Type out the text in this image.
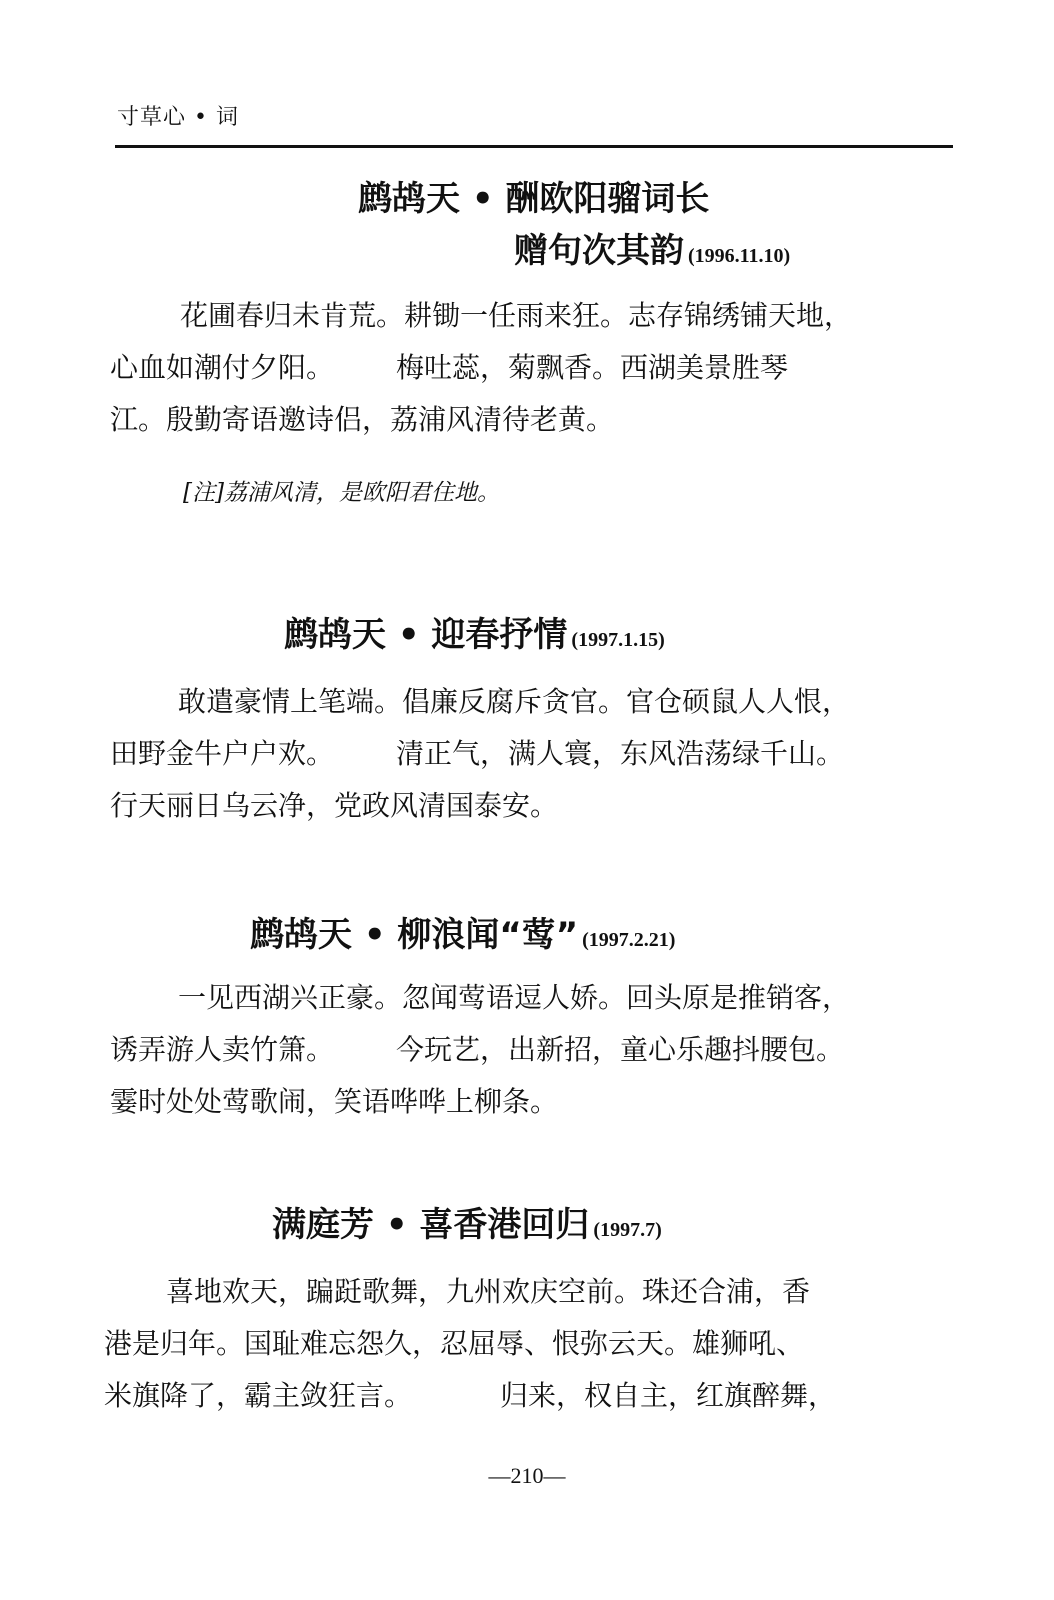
寸草心 • 词
鹧鸪天 • 酬欧阳骝词长
赠句次其韵 (1996.11.10)
花圃春归未肯荒。耕锄一任雨来狂。志存锦绣铺天地，
心血如潮付夕阳。 梅吐蕊，菊飘香。西湖美景胜琴
江。殷勤寄语邀诗侣，荔浦风清待老黄。
[注]荔浦风清，是欧阳君住地。
鹧鸪天 • 迎春抒情 (1997.1.15)
敢遣豪情上笔端。倡廉反腐斥贪官。官仓硕鼠人人恨，
田野金牛户户欢。 清正气，满人寰，东风浩荡绿千山。
行天丽日乌云净，党政风清国泰安。
鹧鸪天 • 柳浪闻“莺” (1997.2.21)
一见西湖兴正豪。忽闻莺语逗人娇。回头原是推销客，
诱弄游人卖竹箫。 今玩艺，出新招，童心乐趣抖腰包。
霎时处处莺歌闹，笑语哗哗上柳条。
满庭芳 • 喜香港回归 (1997.7)
喜地欢天，蹁跹歌舞，九州欢庆空前。珠还合浦，香
港是归年。国耻难忘怨久，忍屈辱、恨弥云天。雄狮吼、
米旗降了，霸主敛狂言。	归来，权自主，红旗醉舞，
—210—
